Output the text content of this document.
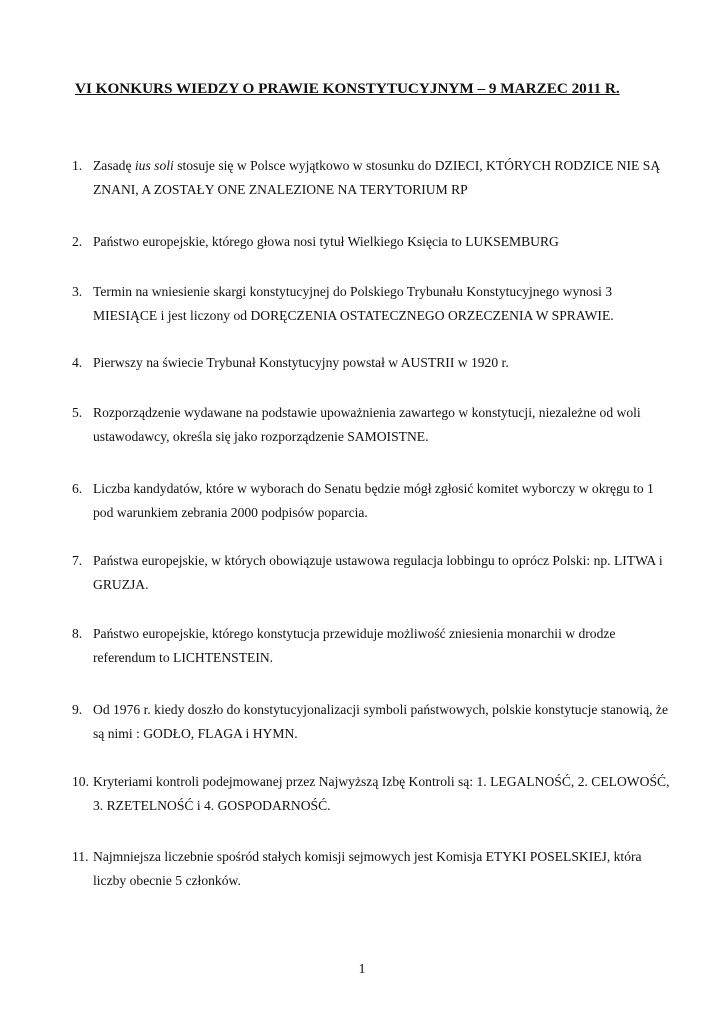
VI KONKURS WIEDZY O PRAWIE KONSTYTUCYJNYM – 9 MARZEC 2011 R.
1. Zasadę ius soli stosuje się w Polsce wyjątkowo w stosunku do DZIECI, KTÓRYCH RODZICE NIE SĄ ZNANI, A ZOSTAŁY ONE ZNALEZIONE NA TERYTORIUM RP
2. Państwo europejskie, którego głowa nosi tytuł Wielkiego Księcia to LUKSEMBURG
3. Termin na wniesienie skargi konstytucyjnej do Polskiego Trybunału Konstytucyjnego wynosi 3 MIESIĄCE i jest liczony od DORĘCZENIA OSTATECZNEGO ORZECZENIA W SPRAWIE.
4. Pierwszy na świecie Trybunał Konstytucyjny powstał w AUSTRII w 1920 r.
5. Rozporządzenie wydawane na podstawie upoważnienia zawartego w konstytucji, niezależne od woli ustawodawcy, określa się jako rozporządzenie SAMOISTNE.
6. Liczba kandydatów, które w wyborach do Senatu będzie mógł zgłosić komitet wyborczy w okręgu to 1 pod warunkiem zebrania 2000 podpisów poparcia.
7. Państwa europejskie, w których obowiązuje ustawowa regulacja lobbingu to oprócz Polski: np. LITWA i GRUZJA.
8. Państwo europejskie, którego konstytucja przewiduje możliwość zniesienia monarchii w drodze referendum to LICHTENSTEIN.
9. Od 1976 r. kiedy doszło do konstytucyjonalizacji symboli państwowych, polskie konstytucje stanowią, że są nimi : GODŁO, FLAGA i HYMN.
10. Kryteriami kontroli podejmowanej przez Najwyższą Izbę Kontroli są: 1. LEGALNOŚĆ, 2. CELOWOŚĆ, 3. RZETELNOŚĆ i 4. GOSPODARNOŚĆ.
11. Najmniejsza liczebnie spośród stałych komisji sejmowych jest Komisja ETYKI POSELSKIEJ, która liczby obecnie 5 członków.
1
